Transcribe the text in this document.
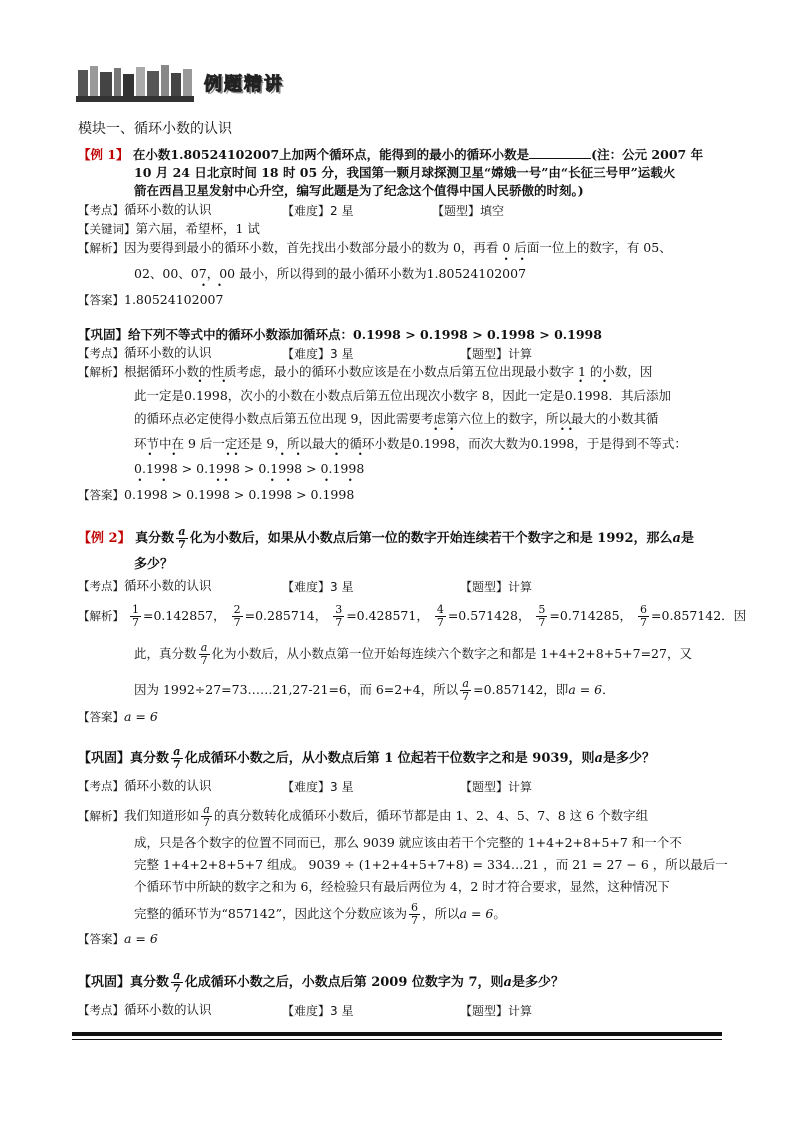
例题精讲
模块一、循环小数的认识
【例 1】 在小数1.80524102007上加两个循环点，能得到的最小的循环小数是	(注：公元 2007 年
10 月 24 日北京时间 18 时 05 分，我国第一颗月球探测卫星“嫦娥一号”由“长征三号甲”运载火
箭在西昌卫星发射中心升空，编写此题是为了纪念这个值得中国人民骄傲的时刻。)
【考点】循环小数的认识	【难度】2 星	【题型】填空
【关键词】第六届，希望杯，1 试
【解析】因为要得到最小的循环小数，首先找出小数部分最小的数为 0，再看 0 后面一位上的数字，有 05、
02、00、07，00 最小，所以得到的最小循环小数为1.80524102• 00• 7
【答案】1.80524102• 00• 7
【巩固】给下列不等式中的循环小数添加循环点：0.1998 > 0.1998 > 0.1998 > 0.1998
【考点】循环小数的认识	【难度】3 星	【题型】计算
【解析】根据循环小数的性质考虑，最小的循环小数应该是在小数点后第五位出现最小数字 1 的小数，因
此一定是0.• 199• 8，次小的小数在小数点后第五位出现次小数字 8，因此一定是0.• 199• 8．其后添加
的循环点必定使得小数点后第五位出现 9，因此需要考虑第六位上的数字，所以最大的小数其循
环节中在 9 后一定还是 9，所以最大的循环小数是0.1• 99• 8，而次大数为0.19• 9• 8，于是得到不等式：
0.• 199• 8 > 0.19• 9• 8 > 0.1• 99• 8 > 0.• 199• 8
【答案】0.• 199• 8 > 0.19• 9• 8 > 0.1• 99• 8 > 0.• 199• 8
【例 2】 真分数 $\frac{a}{7}$ 化为小数后，如果从小数点后第一位的数字开始连续若干个数字之和是 1992，那么a是
多少？
【考点】循环小数的认识	【难度】3 星	【题型】计算
【解析】 $\frac{1}{7} =0.142857$， $\frac{2}{7} =0.285714$， $\frac{3}{7} =0.428571$， $\frac{4}{7} =0.571428$， $\frac{5}{7} =0.714285$， $\frac{6}{7} =0.857142$．因
此，真分数 $\frac{a}{7}$ 化为小数后，从小数点第一位开始每连续六个数字之和都是 1+4+2+8+5+7=27，又
因为 1992÷27=73……21,27-21=6，而 6=2+4，所以 $\frac{a}{7} =0.857142$，即a = 6．
【答案】a = 6
【巩固】真分数 $\frac{a}{7}$ 化成循环小数之后，从小数点后第 1 位起若干位数字之和是 9039，则a是多少？
【考点】循环小数的认识	【难度】3 星	【题型】计算
【解析】我们知道形如 $\frac{a}{7}$ 的真分数转化成循环小数后，循环节都是由 1、2、4、5、7、8 这 6 个数字组
成，只是各个数字的位置不同而已，那么 9039 就应该由若干个完整的 1+4+2+8+5+7 和一个不
完整 1+4+2+8+5+7 组成。 9039 ÷ (1+2+4+5+7+8) = 334…21 ，而 21 = 27 − 6 ，所以最后一
个循环节中所缺的数字之和为 6，经检验只有最后两位为 4，2 时才符合要求，显然，这种情况下
完整的循环节为“857142”，因此这个分数应该为 $\frac{6}{7}$ ，所以a = 6。
【答案】a = 6
【巩固】真分数 $\frac{a}{7}$ 化成循环小数之后，小数点后第 2009 位数字为 7，则a是多少？
【考点】循环小数的认识	【难度】3 星	【题型】计算
